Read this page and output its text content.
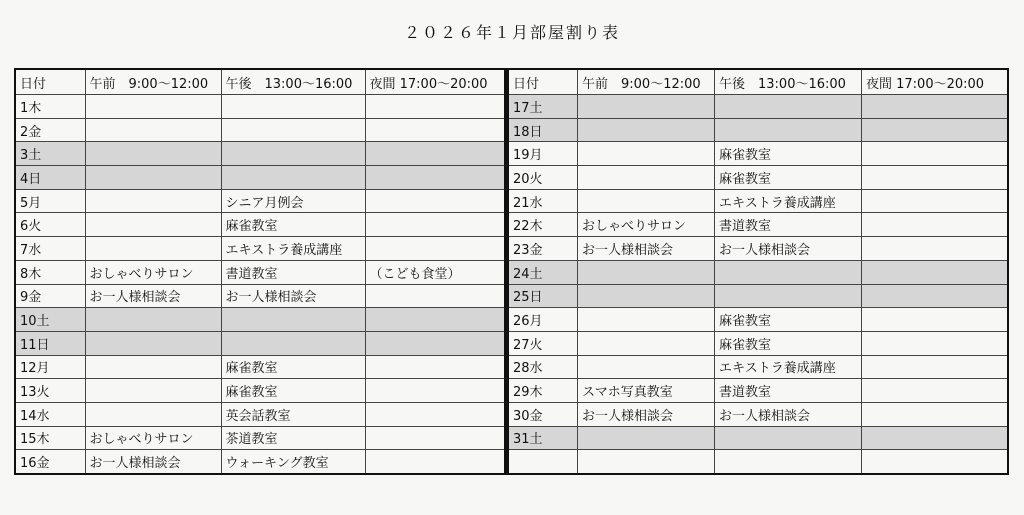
２０２６年１月部屋割り表
日付	午前　9:00～12:00	午後　13:00～16:00	夜間 17:00～20:00
1木			
2金			
3土			
4日			
5月		シニア月例会	
6火		麻雀教室	
7水		エキストラ養成講座	
8木	おしゃべりサロン	書道教室	（こども食堂）
9金	お一人様相談会	お一人様相談会	
10土			
11日			
12月		麻雀教室	
13火		麻雀教室	
14水		英会話教室	
15木	おしゃべりサロン	茶道教室	
16金	お一人様相談会	ウォーキング教室	
日付	午前　9:00～12:00	午後　13:00～16:00	夜間 17:00～20:00
17土			
18日			
19月		麻雀教室	
20火		麻雀教室	
21水		エキストラ養成講座	
22木	おしゃべりサロン	書道教室	
23金	お一人様相談会	お一人様相談会	
24土			
25日			
26月		麻雀教室	
27火		麻雀教室	
28水		エキストラ養成講座	
29木	スマホ写真教室	書道教室	
30金	お一人様相談会	お一人様相談会	
31土			
